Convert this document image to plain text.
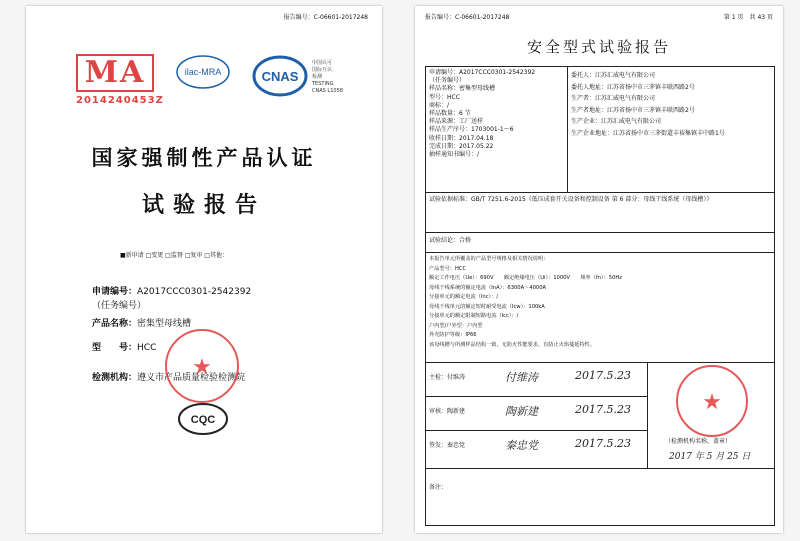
报告编号：C-06601-2017248
MA
2014240453Z
ilac-MRA	CNAS
中国认可
国际互认
检测
TESTING
CNAS L1058
国家强制性产品认证
试验报告
■新申请 □变更 □监督 □复审 □其他：
申请编号：A2017CCC0301-2542392
（任务编号）
产品名称：密集型母线槽
型　　号：HCC
检测机构：遵义市产品质量检验检测院
★
CQC
报告编号：C-06601-2017248	第 1 页　共 43 页
安全型式试验报告
申请编号：A2017CCC0301-2542392
（任务编号）
样品名称：密集型母线槽
型号：HCC
商标：/
样品数量：6 节
样品来源：工厂送样
样品生产序号：1703001-1～6
收样日期：2017.04.18
完成日期：2017.05.22
抽样通知书编号：/
委托人：江苏汇威电气有限公司
委托人地址：江苏省扬中市三茅镇丰联西路2号
生产者：江苏汇威电气有限公司
生产者地址：江苏省扬中市三茅镇丰联西路2号
生产企业：江苏汇威电气有限公司
生产企业地址：江苏省扬中市三茅街道丰裕集镇丰中路1号
试验依据标准：GB/T 7251.6-2015《低压成套开关设备和控制设备 第 6 部分：母线干线系统（母线槽）》
试验结论：合格
本报告单元所覆盖的产品型号规格及相关情况说明：
产品型号：HCC
额定工作电压（Ue）：690V　　额定绝缘电压（Ui）：1000V　　频率（fn）：50Hz
母线干线系统的额定电流（InA）：6300A～4000A
分接单元的额定电流（Inc）：/
母线干线单元的额定短时耐受电流（Icw）：100kA
分接单元的额定限制短路电流（Icc）：/
户内型/户外型：户内型
外壳防护等级：IP66
该母线槽与所测样品结构一致，无防火性能要求，有防止火焰蔓延特性。
主检：付维涛	付维涛	2017.5.23
审核：陶新建	陶新建	2017.5.23
签发：秦忠党	秦忠党	2017.5.23
★
（检测机构名称，盖章）
2017 年 5 月 25 日
备注：
